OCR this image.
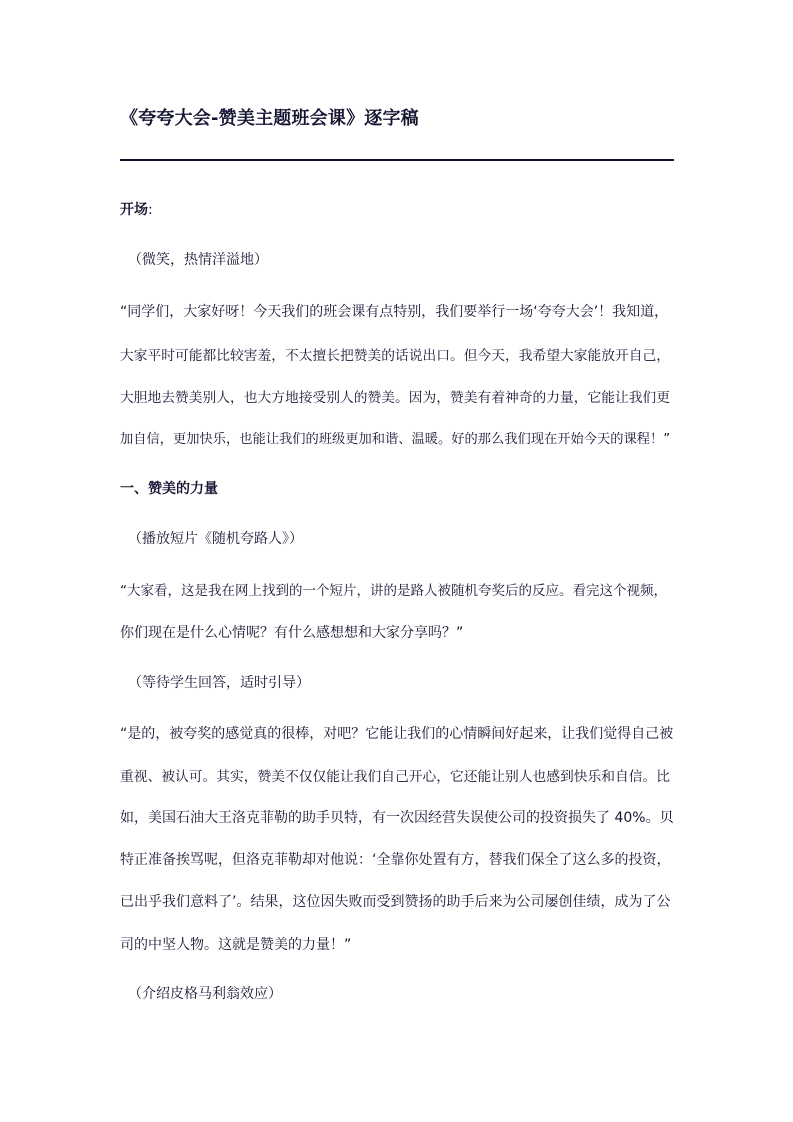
《夸夸大会-赞美主题班会课》逐字稿
开场:
（微笑，热情洋溢地）
“同学们，大家好呀！今天我们的班会课有点特别，我们要举行一场‘夸夸大会’！我知道，
大家平时可能都比较害羞，不太擅长把赞美的话说出口。但今天，我希望大家能放开自己，
大胆地去赞美别人，也大方地接受别人的赞美。因为，赞美有着神奇的力量，它能让我们更
加自信，更加快乐，也能让我们的班级更加和谐、温暖。好的那么我们现在开始今天的课程！”
一、赞美的力量
（播放短片《随机夸路人》）
“大家看，这是我在网上找到的一个短片，讲的是路人被随机夸奖后的反应。看完这个视频，
你们现在是什么心情呢？有什么感想想和大家分享吗？”
（等待学生回答，适时引导）
“是的，被夸奖的感觉真的很棒，对吧？它能让我们的心情瞬间好起来，让我们觉得自己被
重视、被认可。其实，赞美不仅仅能让我们自己开心，它还能让别人也感到快乐和自信。比
如，美国石油大王洛克菲勒的助手贝特，有一次因经营失误使公司的投资损失了 40%。贝
特正准备挨骂呢，但洛克菲勒却对他说：‘全靠你处置有方，替我们保全了这么多的投资，
已出乎我们意料了’。结果，这位因失败而受到赞扬的助手后来为公司屡创佳绩，成为了公
司的中坚人物。这就是赞美的力量！”
（介绍皮格马利翁效应）
